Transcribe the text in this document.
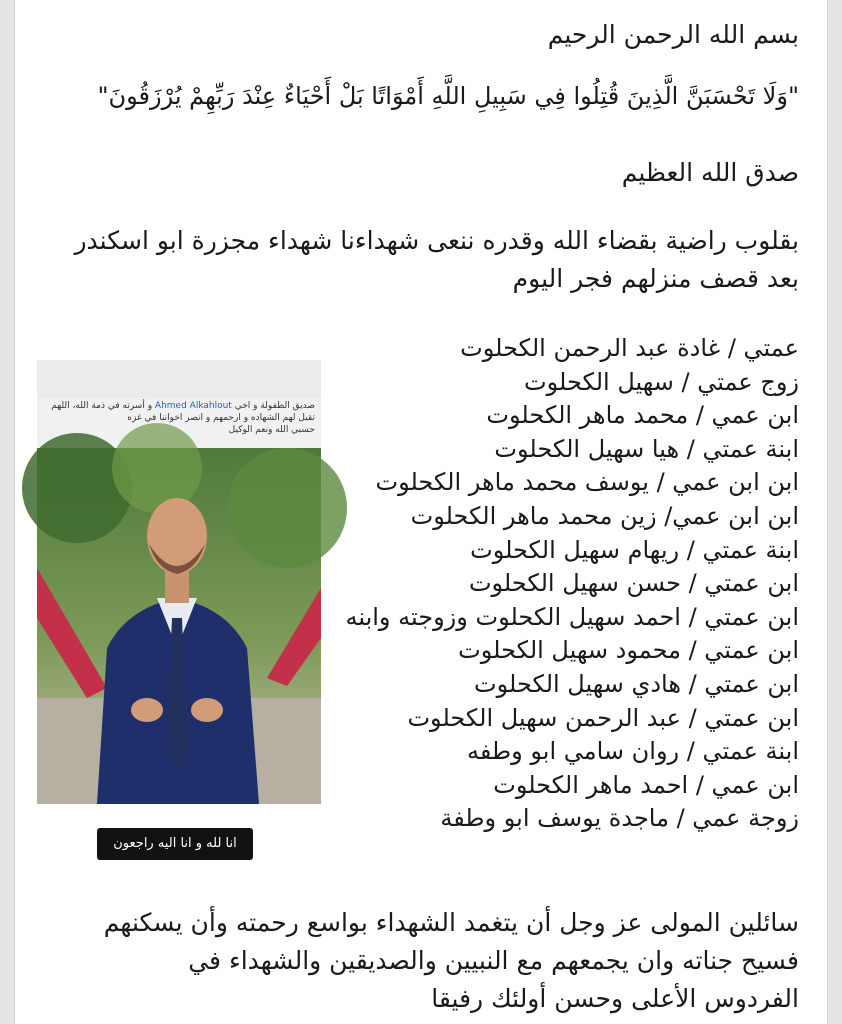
بسم الله الرحمن الرحيم

"وَلَا تَحْسَبَنَّ الَّذِينَ قُتِلُوا فِي سَبِيلِ اللَّهِ أَمْوَاتًا بَلْ أَحْيَاءٌ عِنْدَ رَبِّهِمْ يُرْزَقُونَ"

صدق الله العظيم

بقلوب راضية بقضاء الله وقدره ننعى شهداءنا شهداء مجزرة ابو اسكندر
بعد قصف منزلهم فجر اليوم
عمتي / غادة عبد الرحمن الكحلوت
زوج عمتي / سهيل الكحلوت
ابن عمي / محمد ماهر الكحلوت
ابنة عمتي / هيا سهيل الكحلوت
ابن ابن عمي / يوسف محمد ماهر الكحلوت
ابن ابن عمي/ زين محمد ماهر الكحلوت
ابنة عمتي / ريهام سهيل الكحلوت
ابن عمتي / حسن سهيل الكحلوت
ابن عمتي / احمد سهيل الكحلوت وزوجته وابنه
ابن عمتي / محمود سهيل الكحلوت
ابن عمتي / هادي سهيل الكحلوت
ابن عمتي / عبد الرحمن سهيل الكحلوت
ابنة عمتي / روان سامي ابو وطفه
ابن عمي / احمد ماهر الكحلوت
زوجة عمي / ماجدة يوسف ابو وطفة
سائلين المولى عز وجل أن يتغمد الشهداء بواسع رحمته وأن يسكنهم
فسيح جناته وان يجمعهم مع النبيين والصديقين والشهداء في
الفردوس الأعلى وحسن أولئك رفيقا

صديق الطفولة و اخي Ahmed Alkahlout و أسرته في ذمة الله، اللهم تقبل لهم الشهاده و ارحمهم و انصر اخواننا في غزه
حسبي الله ونعم الوكيل

انا لله و انا اليه راجعون
